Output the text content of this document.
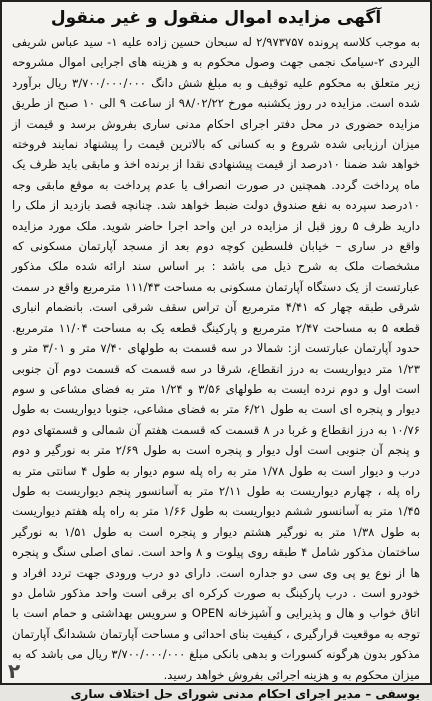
آگهی مزایده اموال منقول و غیر منقول

به موجب کلاسه پرونده ۲/۹۷۳۷۵۷ له سبحان حسین زاده علیه ۱- سید عباس شریفی الیردی ۲-سیامک نجمی جهت وصول محکوم به و هزینه های اجرایی اموال مشروحه زیر متعلق به محکوم علیه توقیف و به مبلغ شش دانگ ۳/۷۰۰/۰۰۰/۰۰۰ ریال برآورد شده است. مزایده در روز یکشنبه مورخ ۹۸/۰۲/۲۲ از ساعت ۹ الی ۱۰ صبح از طریق مزایده حضوری در محل دفتر اجرای احکام مدنی ساری بفروش برسد و قیمت از میزان ارزیابی شده شروع و به کسانی که بالاترین قیمت را پیشنهاد نمایند فروخته خواهد شد ضمنا ۱۰درصد از قیمت پیشنهادی نقدا از برنده اخذ و مابقی باید ظرف یک ماه پرداخت گردد. همچنین در صورت انصراف یا عدم پرداخت به موقع مابقی وجه ۱۰درصد سپرده به نفع صندوق دولت ضبط خواهد شد. چنانچه قصد بازدید از ملک را دارید ظرف ۵ روز قبل از مزایده در این واحد اجرا حاضر شوید. ملک مورد مزایده واقع در ساری – خیابان فلسطین کوچه دوم بعد از مسجد آپارتمان مسکونی که مشخصات ملک به شرح ذیل می باشد : بر اساس سند ارائه شده ملک مذکور عبارتست از یک دستگاه آپارتمان مسکونی به مساحت ۱۱۱/۴۳ مترمربع واقع در سمت شرقی طبقه چهار که ۴/۴۱ مترمربع آن تراس سقف شرقی است. بانضمام انباری قطعه ۵ به مساحت ۲/۴۷ مترمربع و پارکینگ قطعه یک به مساحت ۱۱/۰۴ مترمربع. حدود آپارتمان عبارتست از: شمالا در سه قسمت به طولهای ۷/۴۰ متر و ۳/۰۱ متر و ۱/۲۳ متر دیواریست به درز انقطاع، شرقا در سه قسمت که قسمت دوم آن جنوبی است اول و دوم نرده ایست به طولهای ۳/۵۶ و ۱/۲۴ متر به فضای مشاعی و سوم دیوار و پنجره ای است به طول ۶/۲۱ متر به فضای مشاعی، جنوبا دیواریست به طول ۱۰/۷۶ به درز انقطاع و غربا در ۸ قسمت که قسمت هفتم آن شمالی و قسمتهای دوم و پنجم آن جنوبی است اول دیوار و پنجره است به طول ۲/۶۹ متر به نورگیر و دوم درب و دیوار است به طول ۱/۷۸ متر به راه پله سوم دیوار به طول ۴ سانتی متر به راه پله ، چهارم دیواریست به طول ۲/۱۱ متر به آسانسور پنجم دیواریست به طول ۱/۴۵ متر به آسانسور ششم دیواریست به طول ۱/۶۶ متر به راه پله هفتم دیواریست به طول ۱/۳۸ متر به نورگیر هشتم دیوار و پنجره است به طول ۱/۵۱ به نورگیر ساختمان مذکور شامل ۴ طبقه روی پیلوت و ۸ واحد است. نمای اصلی سنگ و پنجره ها از نوع یو پی وی سی دو جداره است. دارای دو درب ورودی جهت تردد افراد و خودرو است . درب پارکینگ به صورت کرکره ای برقی است واحد مذکور شامل دو اتاق خواب و هال و پذیرایی و آشپزخانه OPEN و سرویس بهداشتی و حمام است با توجه به موقعیت قرارگیری ، کیفیت بنای احداثی و مساحت آپارتمان ششدانگ آپارتمان مذکور بدون هرگونه کسورات و بدهی بانکی مبلغ ۳/۷۰۰/۰۰۰/۰۰۰ ریال می باشد که به میزان محکوم به و هزینه اجرائی بفروش خواهد رسید.

یوسفی – مدیر اجرای احکام مدنی شورای حل اختلاف ساری
۲
